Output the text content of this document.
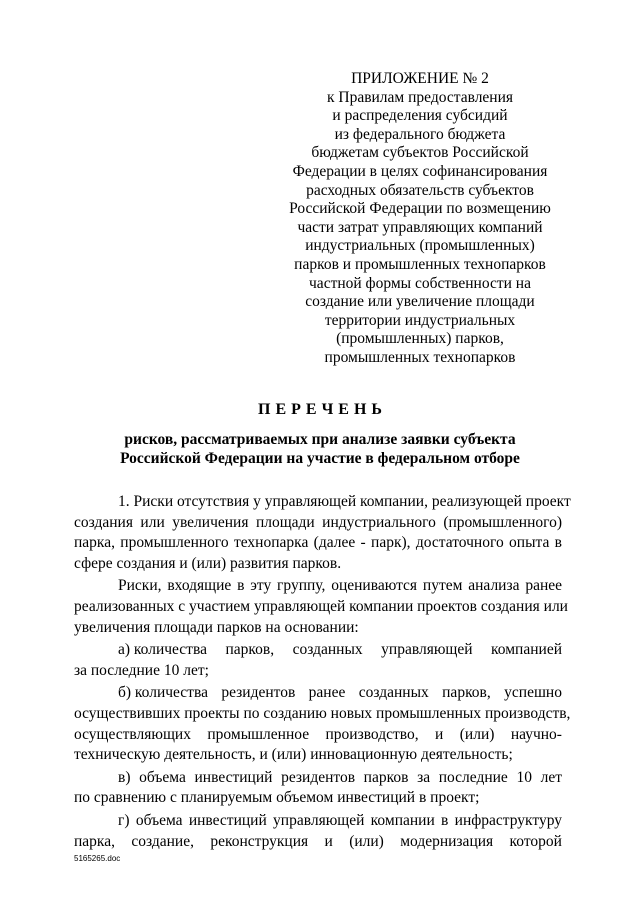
ПРИЛОЖЕНИЕ № 2
к Правилам предоставления
и распределения субсидий
из федерального бюджета
бюджетам субъектов Российской
Федерации в целях софинансирования
расходных обязательств субъектов
Российской Федерации по возмещению
части затрат управляющих компаний
индустриальных (промышленных)
парков и промышленных технопарков
частной формы собственности на
создание или увеличение площади
территории индустриальных
(промышленных) парков,
промышленных технопарков
ПЕРЕЧЕНЬ
рисков, рассматриваемых при анализе заявки субъекта
Российской Федерации на участие в федеральном отборе

1. Риски отсутствия у управляющей компании, реализующей проект
создания или увеличения площади индустриального (промышленного)
парка, промышленного технопарка (далее - парк), достаточного опыта в
сфере создания и (или) развития парков.

Риски, входящие в эту группу, оцениваются путем анализа ранее
реализованных с участием управляющей компании проектов создания или
увеличения площади парков на основании:

а) количества парков, созданных управляющей компанией
за последние 10 лет;

б) количества резидентов ранее созданных парков, успешно
осуществивших проекты по созданию новых промышленных производств,
осуществляющих промышленное производство, и (или) научно-
техническую деятельность, и (или) инновационную деятельность;

в) объема инвестиций резидентов парков за последние 10 лет
по сравнению с планируемым объемом инвестиций в проект;

г) объема инвестиций управляющей компании в инфраструктуру
парка, создание, реконструкция и (или) модернизация которой

5165265.doc
